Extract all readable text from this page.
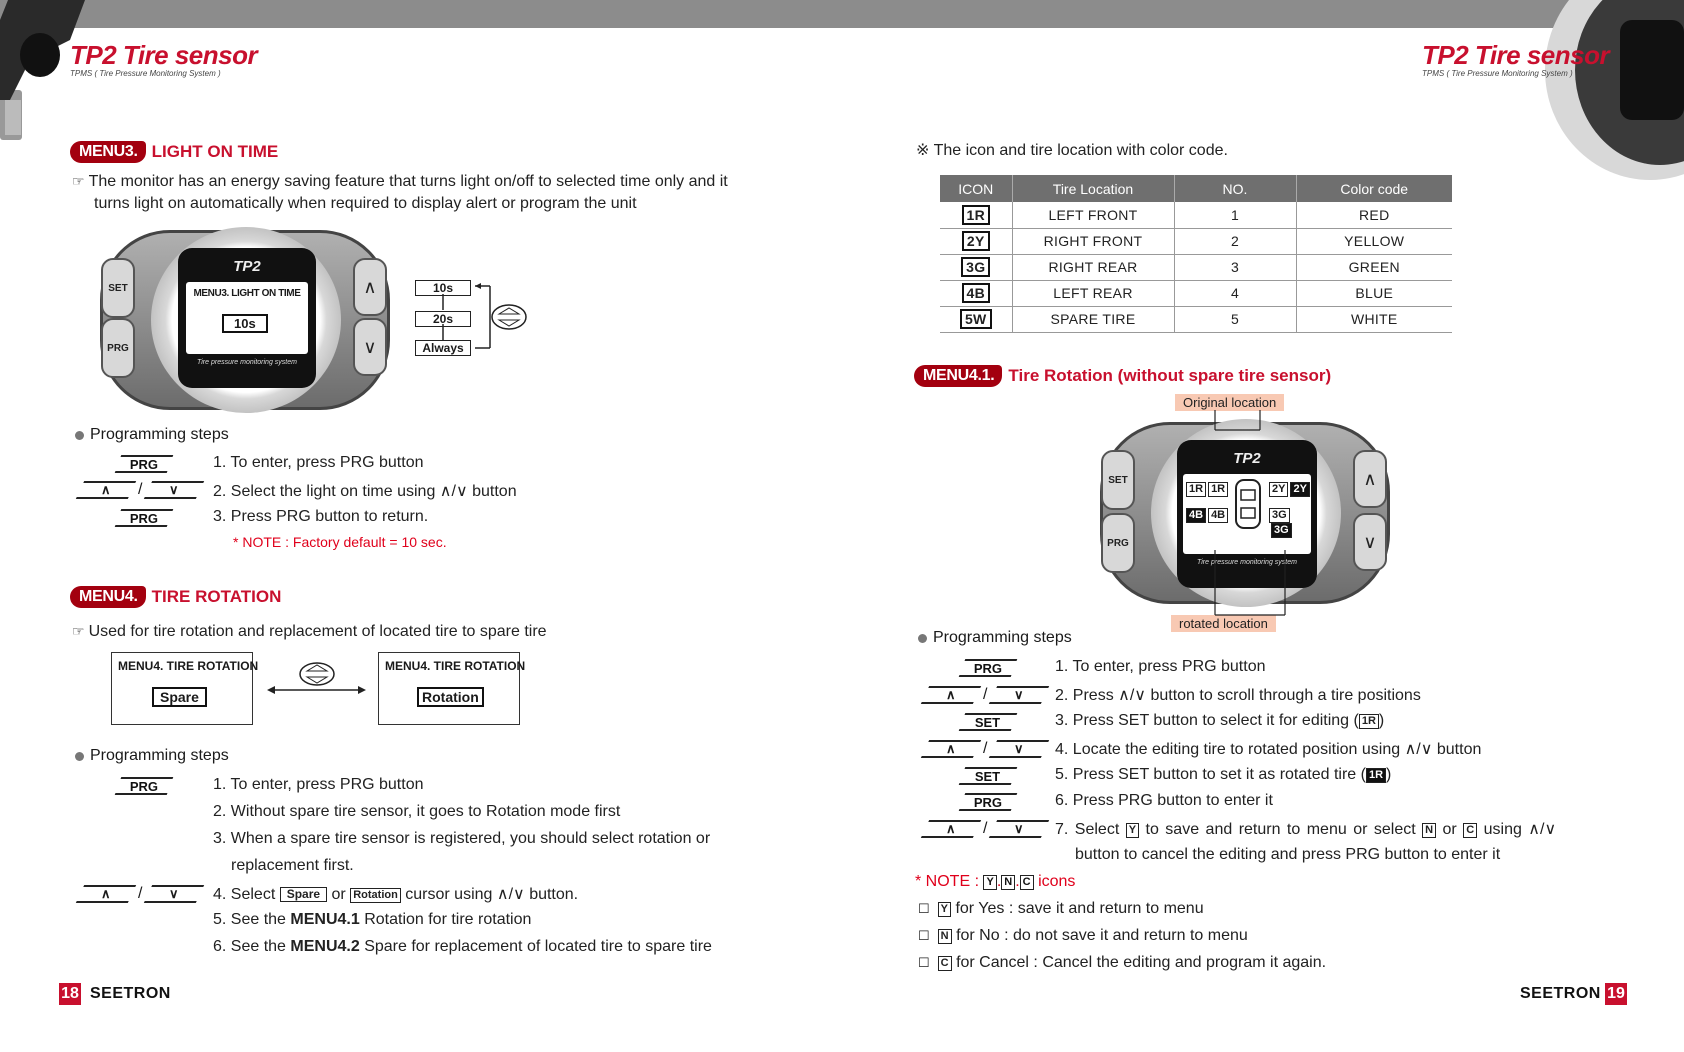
TP2 Tire sensor
TPMS ( Tire Pressure Monitoring System )
TP2 Tire sensor
TPMS ( Tire Pressure Monitoring System )
MENU3. LIGHT ON TIME
☞ The monitor has an energy saving feature that turns light on/off to selected time only and it
turns light on automatically when required to display alert or program the unit
TP2
MENU3. LIGHT ON TIME
10s
Tire pressure monitoring system
SET
PRG
∧
∨
10s
20s
Always
Programming steps
PRG	1. To enter, press PRG button
∧ / ∨ 2. Select the light on time using ∧/∨ button
PRG	3. Press PRG button to return.
* NOTE : Factory default = 10 sec.
MENU4. TIRE ROTATION
☞ Used for tire rotation and replacement of located tire to spare tire
MENU4. TIRE ROTATION
Spare
MENU4. TIRE ROTATION
Rotation
Programming steps
PRG	1. To enter, press PRG button
2. Without spare tire sensor, it goes to Rotation mode first
3. When a spare tire sensor is registered, you should select rotation or
replacement first.
∧ / ∨ 4. Select Spare or Rotation cursor using ∧/∨ button.
5. See the MENU4.1 Rotation for tire rotation
6. See the MENU4.2 Spare for replacement of located tire to spare tire
18 SEETRON
※ The icon and tire location with color code.
ICON	Tire Location	NO.	Color code
1R	LEFT FRONT	1	RED
2Y	RIGHT FRONT	2	YELLOW
3G	RIGHT REAR	3	GREEN
4B	LEFT REAR	4	BLUE
5W	SPARE TIRE	5	WHITE
MENU4.1. Tire Rotation (without spare tire sensor)
Original location
rotated location
TP2
1R 1R	2Y 2Y
4B 4B	3G3G
Tire pressure monitoring system
SET
PRG
∧
∨
Programming steps
PRG	1. To enter, press PRG button
∧ / ∨ 2. Press ∧/∨ button to scroll through a tire positions
SET	3. Press SET button to select it for editing ( 1R )
∧ / ∨ 4. Locate the editing tire to rotated position using ∧/∨ button
SET	5. Press SET button to set it as rotated tire ( 1R )
PRG	6. Press PRG button to enter it
∧ / ∨ 7. Select Y to save and return to menu or select N or C using ∧/∨
button to cancel the editing and press PRG button to enter it
* NOTE : Y . N . C icons
☐ Y for Yes : save it and return to menu
☐ N for No : do not save it and return to menu
☐ C for Cancel : Cancel the editing and program it again.
SEETRON 19
